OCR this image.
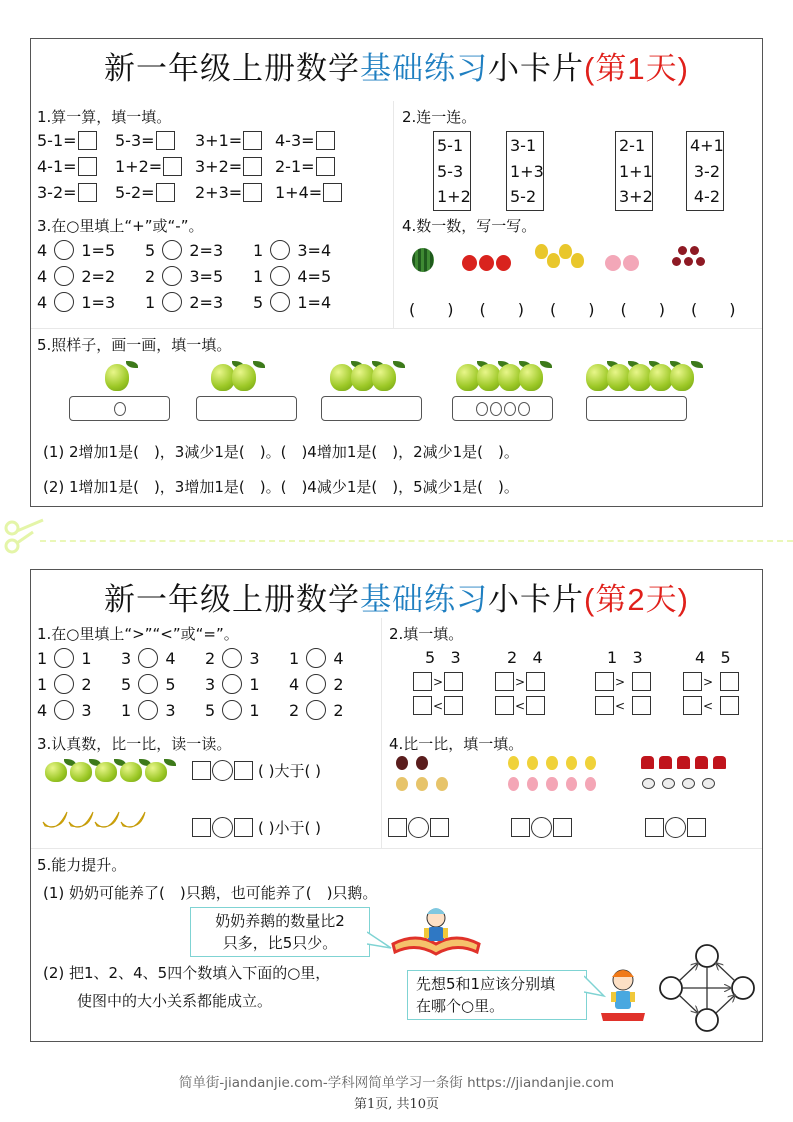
新一年级上册数学基础练习小卡片(第1天)
1.算一算，填一填。
5-1= 5-3=	3+1= 4-3=
4-1= 1+2= 3+2= 2-1=
3-2= 5-2=	2+3= 1+4=
2.连一连。
5-1
5-3
1+2
3-1
1+3
5-2
2-1
1+1
3+2
4+1
3-2
4-2
3.在○里填上“+”或“-”。
4

1=5 5

2=3 1

3=4
4

2=2 2

3=5 1

4=5
4

1=3 1

2=3 5

1=4
4.数一数，写一写。
(　　) (　　) (　　) (　　) (　　)
5.照样子，画一画，填一填。
(1) 2增加1是(　)，3减少1是(　)。(　)4增加1是(　)，2减少1是(　)。
(2) 1增加1是(　)，3增加1是(　)。(　)4减少1是(　)，5减少1是(　)。
新一年级上册数学基础练习小卡片(第2天)
1.在○里填上“>”“<”或“=”。
1

1 3

4 2

3 1

4
1

2 5

5 3

1 4

2
4

3 1

3 5

1 2

2
2.填一填。
5 3
>
<
2 4
>
<
1 3
>

<

4 5
>

<

3.认真数，比一比，读一读。
( )大于( )
( )小于( )
4.比一比，填一填。
5.能力提升。
(1) 奶奶可能养了(　)只鹅，也可能养了(　)只鹅。
奶奶养鹅的数量比2
只多，比5只少。
(2) 把1、2、4、5四个数填入下面的○里，
使图中的大小关系都能成立。
先想5和1应该分别填
在哪个○里。
简单街-jiandanjie.com-学科网简单学习一条街 https://jiandanjie.com
第1页, 共10页
